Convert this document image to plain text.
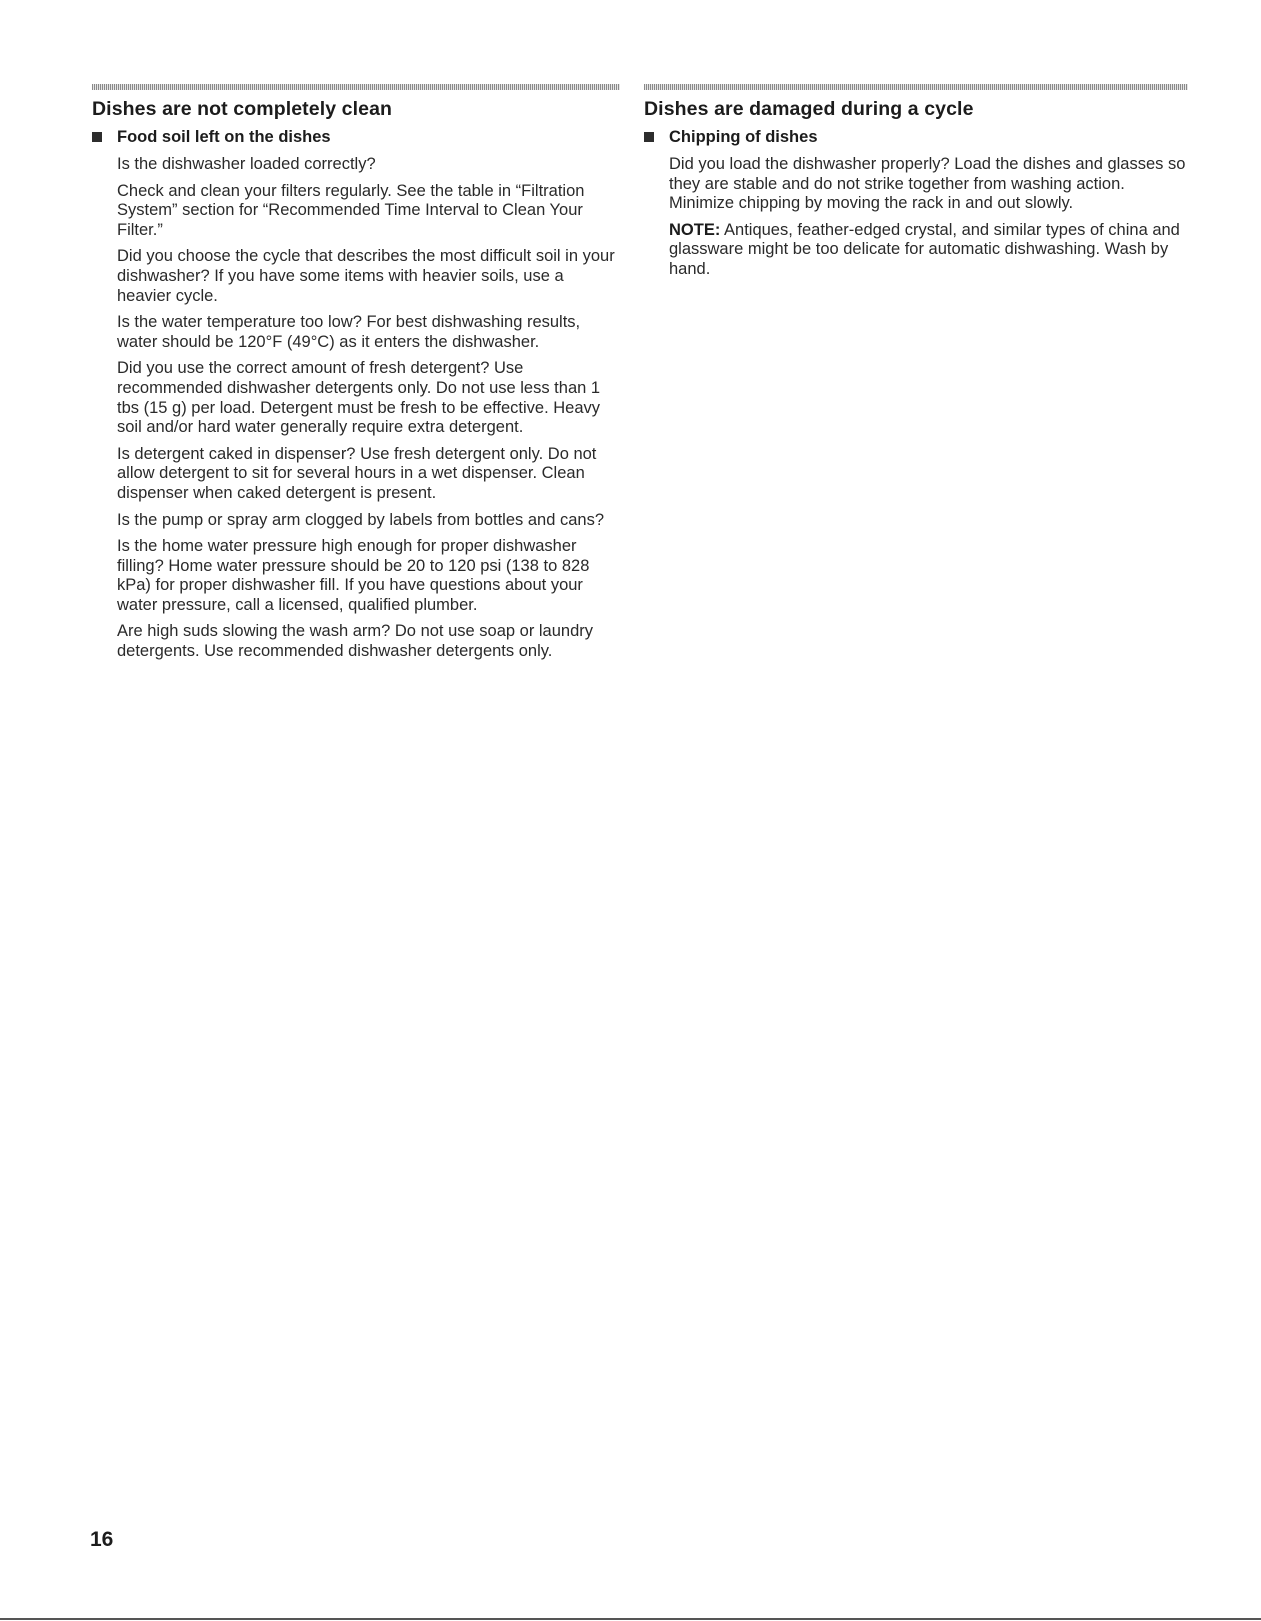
Dishes are not completely clean
Food soil left on the dishes

Is the dishwasher loaded correctly?

Check and clean your filters regularly. See the table in “Filtration System” section for “Recommended Time Interval to Clean Your Filter.”

Did you choose the cycle that describes the most difficult soil in your dishwasher? If you have some items with heavier soils, use a heavier cycle.

Is the water temperature too low? For best dishwashing results, water should be 120°F (49°C) as it enters the dishwasher.

Did you use the correct amount of fresh detergent? Use recommended dishwasher detergents only. Do not use less than 1 tbs (15 g) per load. Detergent must be fresh to be effective. Heavy soil and/or hard water generally require extra detergent.

Is detergent caked in dispenser? Use fresh detergent only. Do not allow detergent to sit for several hours in a wet dispenser. Clean dispenser when caked detergent is present.

Is the pump or spray arm clogged by labels from bottles and cans?

Is the home water pressure high enough for proper dishwasher filling? Home water pressure should be 20 to 120 psi (138 to 828 kPa) for proper dishwasher fill. If you have questions about your water pressure, call a licensed, qualified plumber.

Are high suds slowing the wash arm? Do not use soap or laundry detergents. Use recommended dishwasher detergents only.

Dishes are damaged during a cycle
Chipping of dishes

Did you load the dishwasher properly? Load the dishes and glasses so they are stable and do not strike together from washing action. Minimize chipping by moving the rack in and out slowly.

NOTE: Antiques, feather-edged crystal, and similar types of china and glassware might be too delicate for automatic dishwashing. Wash by hand.

16
